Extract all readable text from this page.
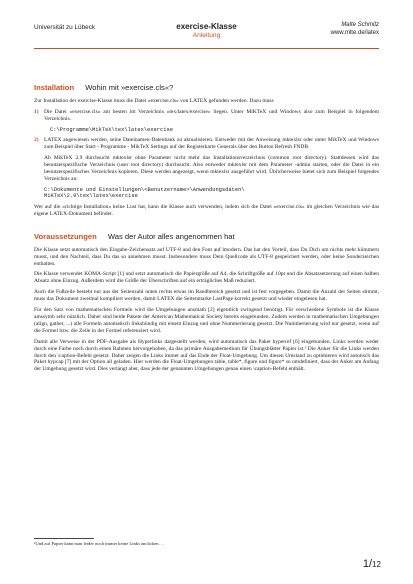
Universität zu Lübeck	exercise-Klasse
Anleitung
Malte Schmitz
www.mlte.de/latex
Installation Wohin mit »exercise.cls«?

Zur Installation der exercise-Klasse muss die Datei »exercise.cls« von LATEX gefunden werden. Dazu muss

1) Die Datei »exercise.cls« am besten im Verzeichnis »tex/latex/exercise« liegen. Unter MiKTeX und Windows also zum Beispiel in folgendem Verzeichnis.

C:\Programme\MikTeX\tex\latex\exercise
2) LATEX angewiesen werden, seine Dateinamen-Datenbank zu aktualisieren. Entweder mit der Anweisung mktexlsr oder unter MikTeX und Windows zum Beispiel über Start - Programme - MikTeX Settings auf der Registerkarte Generals über den Button Refresh FNDB.

Ab MikTeX 2.9 durchsucht mktexlsr ohne Parameter nicht mehr das Installationsverzeichnis (common root directory). Stattdessen wird das benutzerspezifische Verzeichnis (user root directory) durchsucht. Also entweder mktexlsr mit dem Parameter -admin starten, oder die Datei in ein benutzerspezifisches Verzeichnis kopieren. Diese werden angezeigt, wenn mktexlsr ausgeführt wird. Üblicherweise bietet sich zum Beispiel folgendes Verzeichnis an:

C:\Dokumente und Einstellungen\<Benutzername>\Anwendungsdaten\
MiKTeX\2.9\tex\latex\exercise

Wer auf die »richtige Installation« keine Lust hat, kann die Klasse auch verwenden, indem sich die Datei »exercise.cls« im gleichen Verzeichnis wie das eigene LATEX-Dokument befindet.

Voraussetzungen Was der Autor alles angenommen hat

Die Klasse setzt automatisch den Eingabe-Zeichensatz auf UTF-8 und den Font auf lmodern. Das hat den Vorteil, dass Du Dich um nichts mehr kümmern musst, und den Nachteil, dass Du das so annehmen musst. Insbesondere muss Dein Quellcode als UTF-8 gespeichert werden, oder keine Sonderzeichen enthalten.

Die Klasse verwendet KOMA-Script [1] und setzt automatisch die Papiergröße auf A4, die Schriftgröße auf 10pt und die Absatzsetzerung auf einen halben Absatz ohne Einzug. Außerdem wird die Größe der Überschriften auf ein erträgliches Maß reduziert.

Auch die Fußzeile besteht nur aus der Seitenzahl unten rechts etwas im Randbereich gesetzt und ist fest vorgegeben. Damit die Anzahl der Seiten stimmt, muss das Dokument zweimal kompiliert werden, damit LATEX die Seitenmarke LastPage korrekt gesetzt und wieder eingelesen hat.

Für den Satz von mathematischen Formeln wird die Umgebungen ansmath [2] eigentlich zwingend benötigt. Für verschiedene Symbole ist die Klasse amssymb sehr nützlich. Daher sind beide Pakete der American Mathematical Society bereits eingebunden. Zudem werden in mathematischen Umgebungen (align, gather, ...) alle Formeln automatisch linksbündig mit einem Einzug und ohne Nummerierung gesetzt. Die Nummerierung wird nur gesetzt, wenn auf die Formel bzw. die Zeile in der Formel referenziert wird.

Damit alle Verweise in der PDF-Ausgabe als Hyperlinks dargestellt werden, wird automatisch das Paket hyperref [6] eingebunden. Links werden weder durch eine Farbe noch durch einen Rahmen hervorgehoben, da das primäre Ausgabemedium für Übungsblätter Papier ist.¹ Die Anker für die Links werden durch den \caption-Befehl gesetzt. Daher zeigen die Links immer auf das Ende der Float-Umgebung. Um diesen Umstand zu optimieren wird autotisch das Paket hypcap [7] mit der Option all geladen. Hier werden die Float-Umgebungen table, table*, figure und figure* so umdefiniert, dass der Anker am Anfang der Umgebung gesetzt wird. Dies verlangt aber, dass jede der genannten Umgebungen genau einen \caption-Befehl enthält.

¹Und auf Papier kann man leider noch immer keine Links anclicken. . .
1/12
